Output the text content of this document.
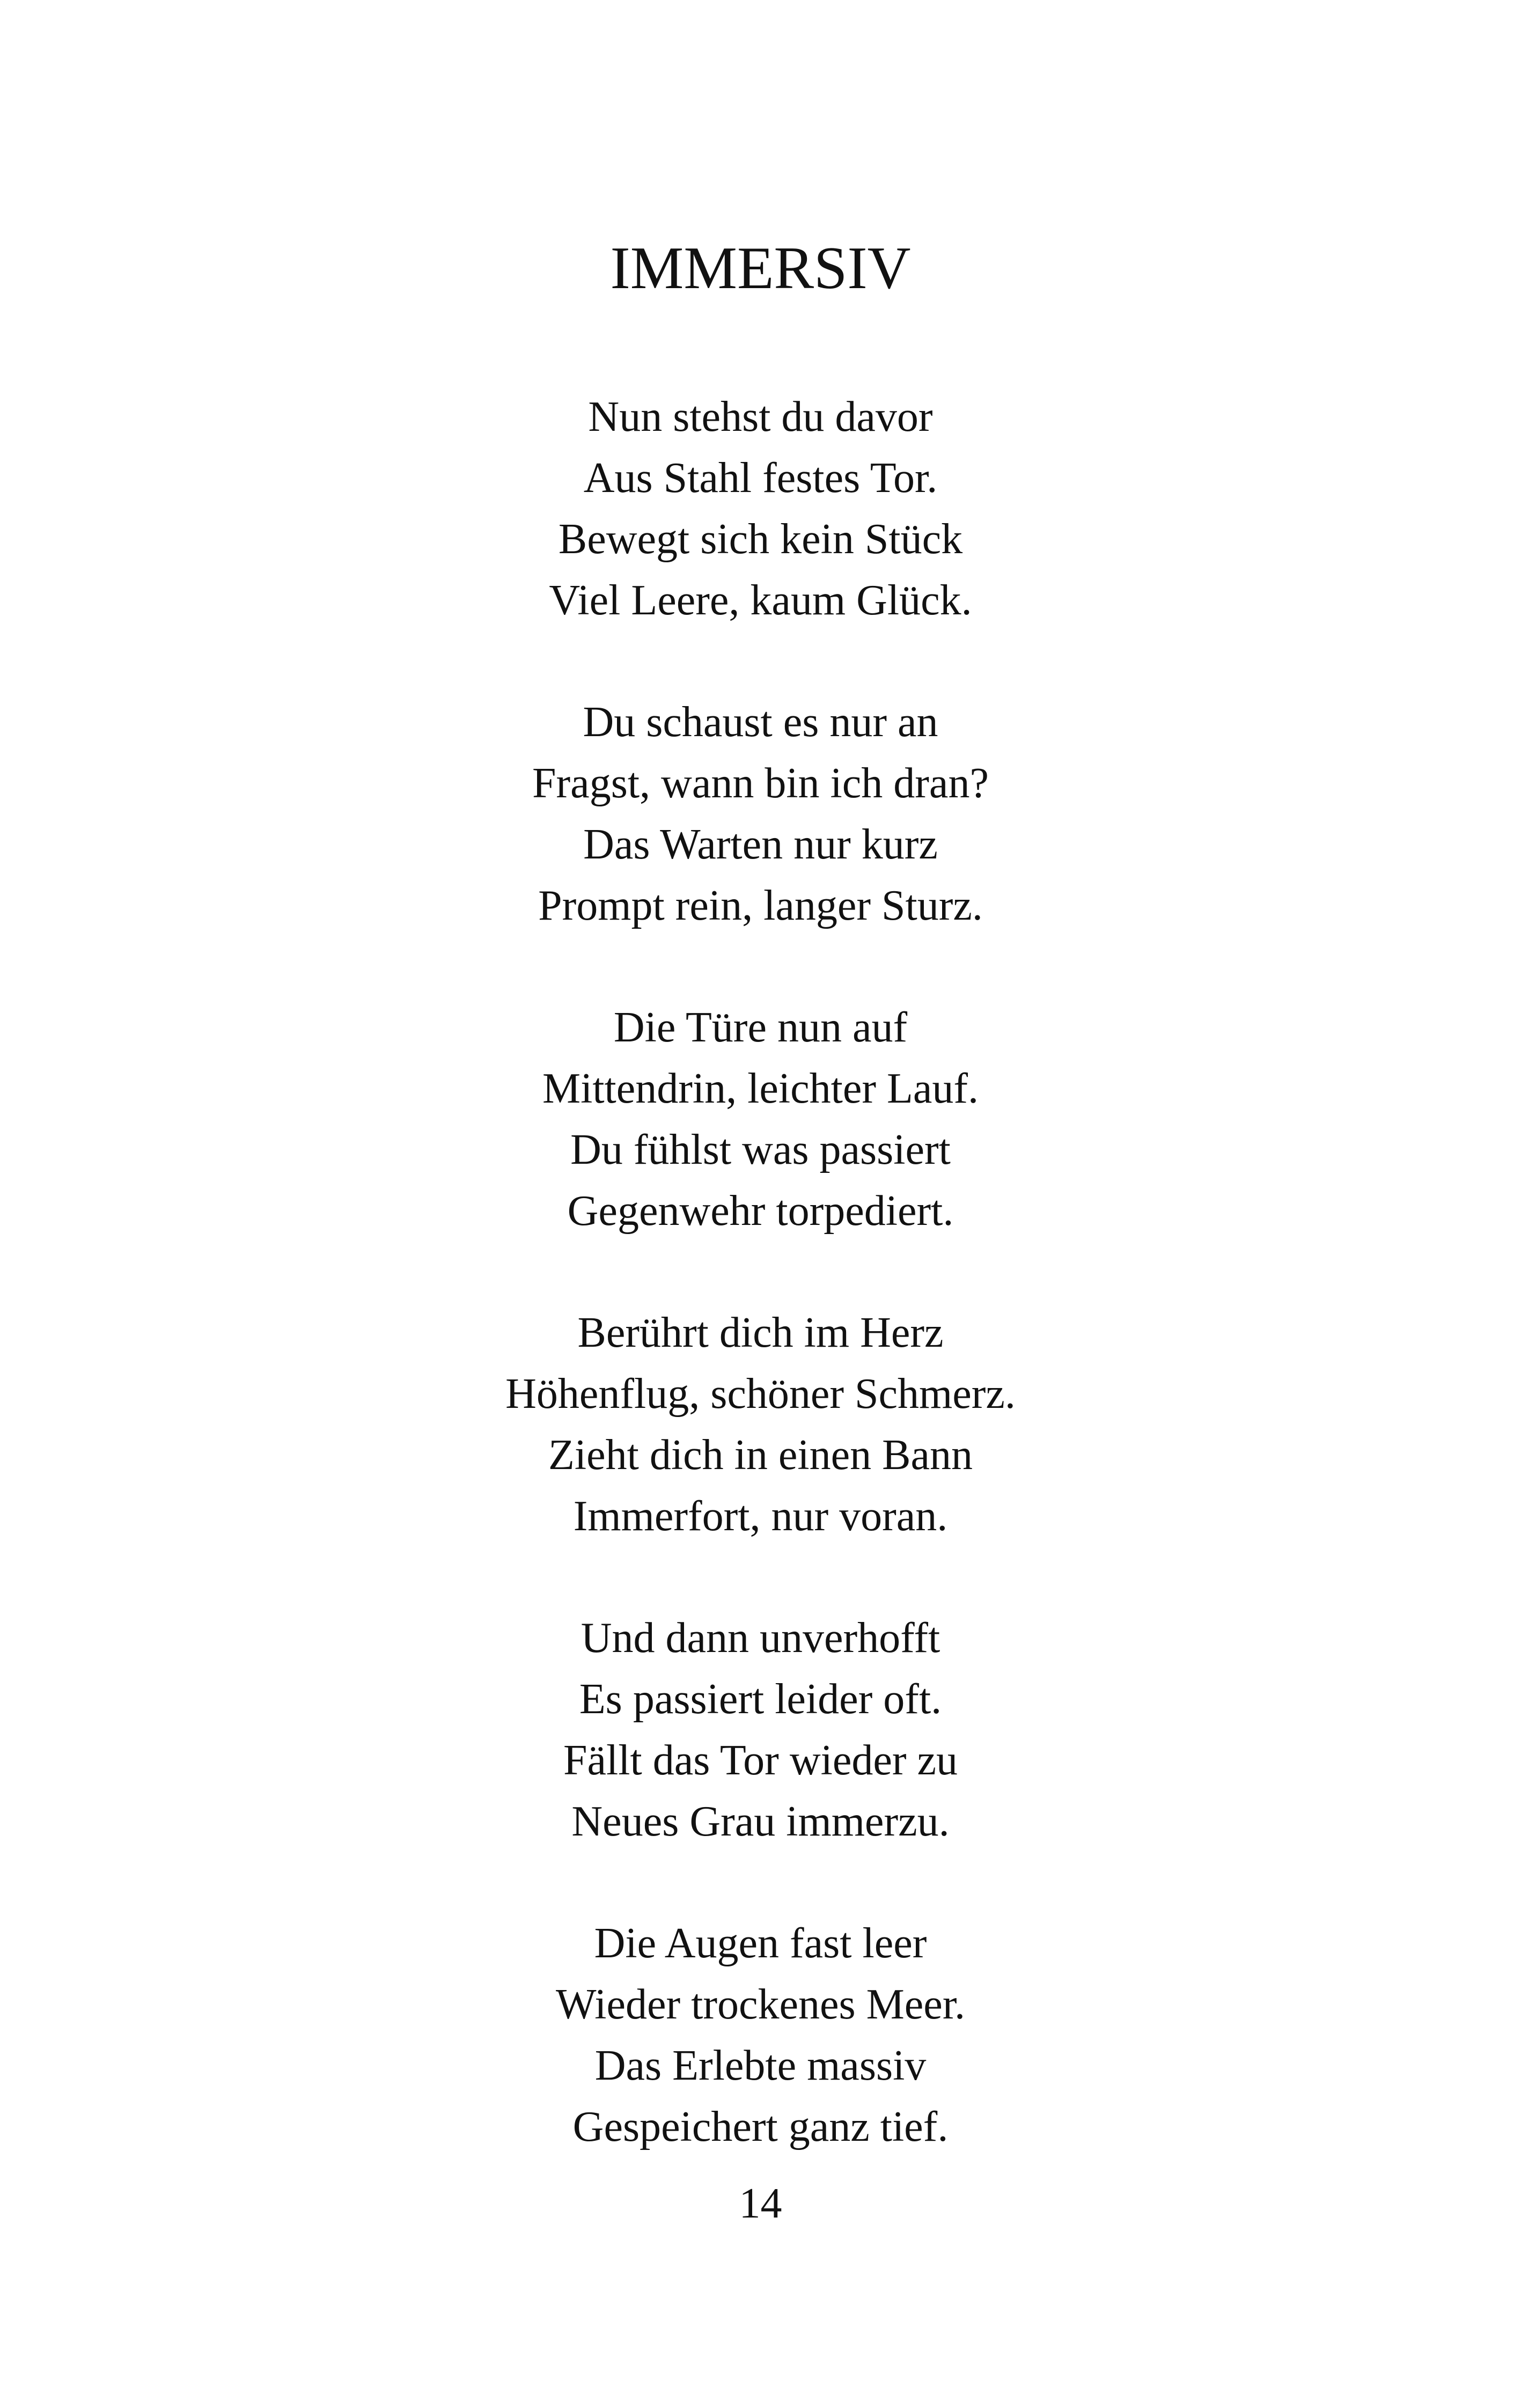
IMMERSIV
Nun stehst du davor
Aus Stahl festes Tor.
Bewegt sich kein Stück
Viel Leere, kaum Glück.
Du schaust es nur an
Fragst, wann bin ich dran?
Das Warten nur kurz
Prompt rein, langer Sturz.
Die Türe nun auf
Mittendrin, leichter Lauf.
Du fühlst was passiert
Gegenwehr torpediert.
Berührt dich im Herz
Höhenflug, schöner Schmerz.
Zieht dich in einen Bann
Immerfort, nur voran.
Und dann unverhofft
Es passiert leider oft.
Fällt das Tor wieder zu
Neues Grau immerzu.
Die Augen fast leer
Wieder trockenes Meer.
Das Erlebte massiv
Gespeichert ganz tief.
14
